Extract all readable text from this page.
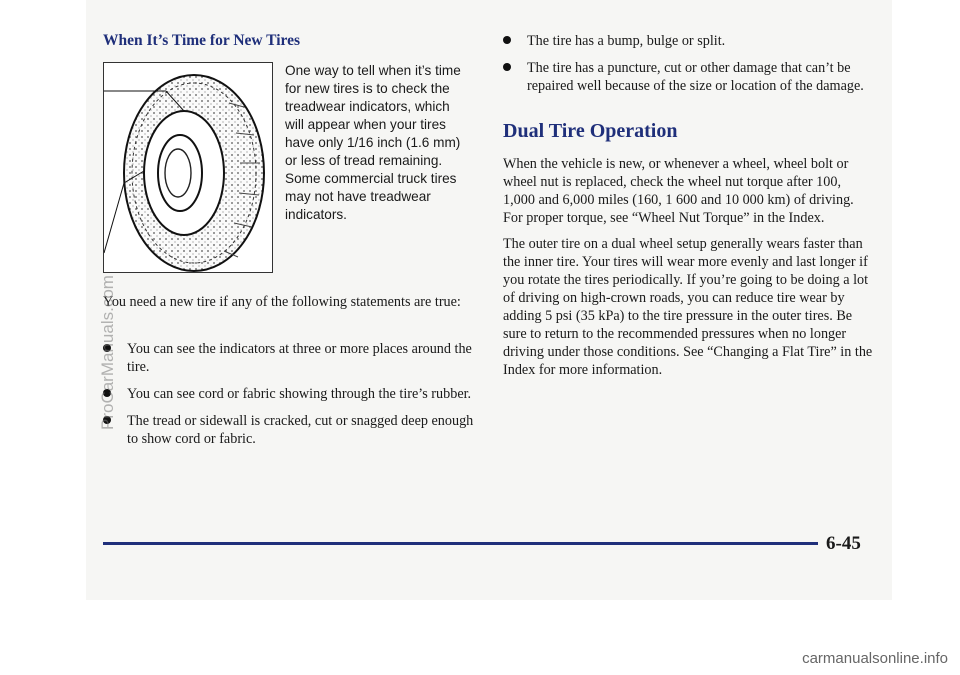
When It’s Time for New Tires
One way to tell when it’s time for new tires is to check the treadwear indicators, which will appear when your tires have only 1/16 inch (1.6 mm) or less of tread remaining. Some commercial truck tires may not have treadwear indicators.

You need a new tire if any of the following statements are true:

You can see the indicators at three or more places around the tire.
You can see cord or fabric showing through the tire’s rubber.
The tread or sidewall is cracked, cut or snagged deep enough to show cord or fabric.
The tire has a bump, bulge or split.
The tire has a puncture, cut or other damage that can’t be repaired well because of the size or location of the damage.
Dual Tire Operation

When the vehicle is new, or whenever a wheel, wheel bolt or wheel nut is replaced, check the wheel nut torque after 100, 1,000 and 6,000 miles (160, 1 600 and 10 000 km) of driving. For proper torque, see “Wheel Nut Torque” in the Index.

The outer tire on a dual wheel setup generally wears faster than the inner tire. Your tires will wear more evenly and last longer if you rotate the tires periodically. If you’re going to be doing a lot of driving on high-crown roads, you can reduce tire wear by adding 5 psi (35 kPa) to the tire pressure in the outer tires. Be sure to return to the recommended pressures when no longer driving under those conditions. See “Changing a Flat Tire” in the Index for more information.

6-45
ProCarManuals.com
carmanualsonline.info
